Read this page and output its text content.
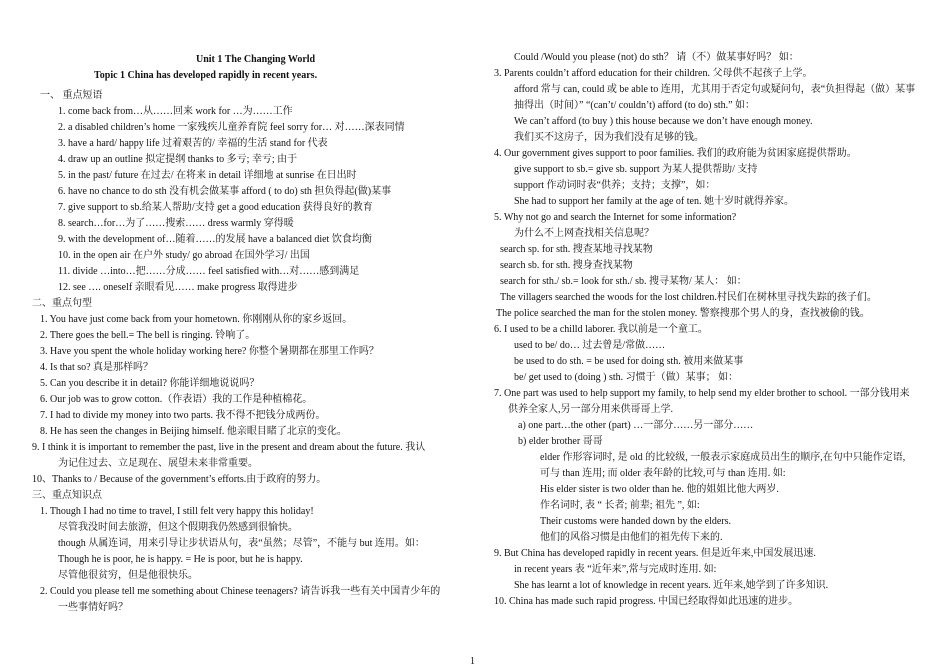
Unit 1 The Changing World
Topic 1 China has developed rapidly in recent years.
一、 重点短语
1. come back from…从……回来 work for …为……工作
2. a disabled children’s home 一家残疾儿童养育院 feel sorry for… 对……深表同情
3. have a hard/ happy life 过着艰苦的/ 幸福的生活 stand for 代表
4. draw up an outline 拟定提纲 thanks to 多亏; 幸亏; 由于
5. in the past/ future 在过去/ 在将来 in detail 详细地 at sunrise 在日出时
6. have no chance to do sth 没有机会做某事 afford ( to do) sth 担负得起(做)某事
7. give support to sb.给某人帮助/支持 get a good education 获得良好的教育
8. search…for…为了……搜索…… dress warmly 穿得暖
9. with the development of…随着……的发展 have a balanced diet 饮食均衡
10. in the open air 在户外 study/ go abroad 在国外学习/ 出国
11. divide …into…把……分成…… feel satisfied with…对……感到满足
12. see …. oneself 亲眼看见…… make progress 取得进步
二、重点句型
1. You have just come back from your hometown. 你刚刚从你的家乡返回。
2. There goes the bell.= The bell is ringing. 铃响了。
3. Have you spent the whole holiday working here? 你整个暑期都在那里工作吗？
4. Is that so? 真是那样吗？
5. Can you describe it in detail? 你能详细地说说吗？
6. Our job was to grow cotton.（作表语）我的工作是种植棉花。
7. I had to divide my money into two parts. 我不得不把钱分成两份。
8. He has seen the changes in Beijing himself. 他亲眼目睹了北京的变化。
9. I think it is important to remember the past, live in the present and dream about the future. 我认
为记住过去、立足现在、展望未来非常重要。
10、Thanks to / Because of the government’s efforts.由于政府的努力。
三、重点知识点
1. Though I had no time to travel, I still felt very happy this holiday!
尽管我没时间去旅游，但这个假期我仍然感到很愉快。
though 从属连词，用来引导让步状语从句，表“虽然；尽管”，不能与 but 连用。如：
Though he is poor, he is happy. = He is poor, but he is happy.
尽管他很贫穷，但是他很快乐。
2. Could you please tell me something about Chinese teenagers? 请告诉我一些有关中国青少年的
一些事情好吗？
Could /Would you please (not) do sth？ 请（不）做某事好吗？ 如：
3. Parents couldn’t afford education for their children. 父母供不起孩子上学。
afford 常与 can, could 或 be able to 连用，尤其用于否定句或疑问句，表“负担得起（做）某事
抽得出（时间）” “(can’t/ couldn’t) afford (to do) sth.” 如：
We can’t afford (to buy ) this house because we don’t have enough money.
我们买不这房子，因为我们没有足够的钱。
4. Our government gives support to poor families. 我们的政府能为贫困家庭提供帮助。
give support to sb.= give sb. support 为某人提供帮助/ 支持
support 作动词时表“供养；支持；支撑”，如：
She had to support her family at the age of ten. 她十岁时就得养家。
5. Why not go and search the Internet for some information?
为什么不上网查找相关信息呢？
search sp. for sth. 搜查某地寻找某物
search sb. for sth. 搜身查找某物
search for sth./ sb.= look for sth./ sb. 搜寻某物/ 某人： 如：
The villagers searched the woods for the lost children.村民们在树林里寻找失踪的孩子们。
The police searched the man for the stolen money. 警察搜那个男人的身，查找被偷的钱。
6. I used to be a chilld laborer. 我以前是一个童工。
used to be/ do… 过去曾是/常做……
be used to do sth. = be used for doing sth. 被用来做某事
be/ get used to (doing ) sth. 习惯于（做）某事； 如：
7. One part was used to help support my family, to help send my elder brother to school. 一部分钱用来
供养全家人,另一部分用来供哥哥上学.
a) one part…the other (part) …一部分……另一部分……
b) elder brother 哥哥
elder 作形容词时, 是 old 的比较级, 一般表示家庭成员出生的顺序,在句中只能作定语,
可与 than 连用; 而 older 表年龄的比较,可与 than 连用. 如:
His elder sister is two older than he. 他的姐姐比他大两岁.
作名词时, 表 “ 长者; 前辈; 祖先 ”, 如:
Their customs were handed down by the elders.
他们的风俗习惯是由他们的祖先传下来的.
9. But China has developed rapidly in recent years. 但是近年来,中国发展迅速.
in recent years 表 “近年来”,常与完成时连用. 如:
She has learnt a lot of knowledge in recent years. 近年来,她学到了许多知识.
10. China has made such rapid progress. 中国已经取得如此迅速的进步。
1
